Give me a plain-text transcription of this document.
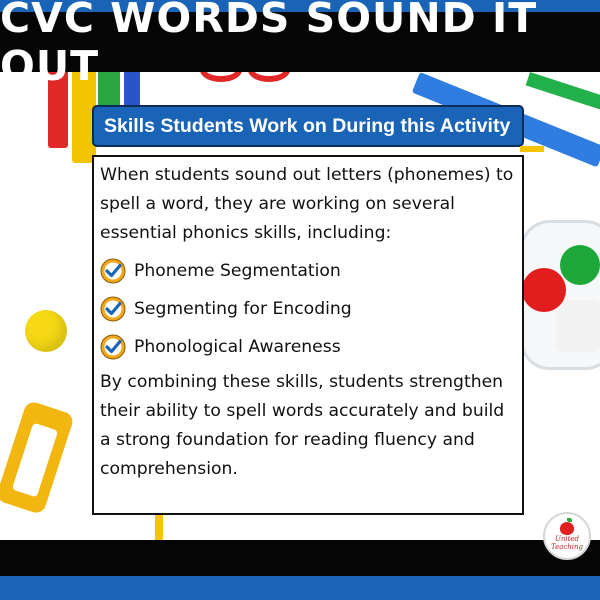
CVC WORDS SOUND IT OUT
Skills Students Work on During this Activity

When students sound out letters (phonemes) to spell a word, they are working on several essential phonics skills, including:

Phoneme Segmentation
Segmenting for Encoding
Phonological Awareness

By combining these skills, students strengthen their ability to spell words accurately and build a strong foundation for reading fluency and comprehension.

United
Teaching
